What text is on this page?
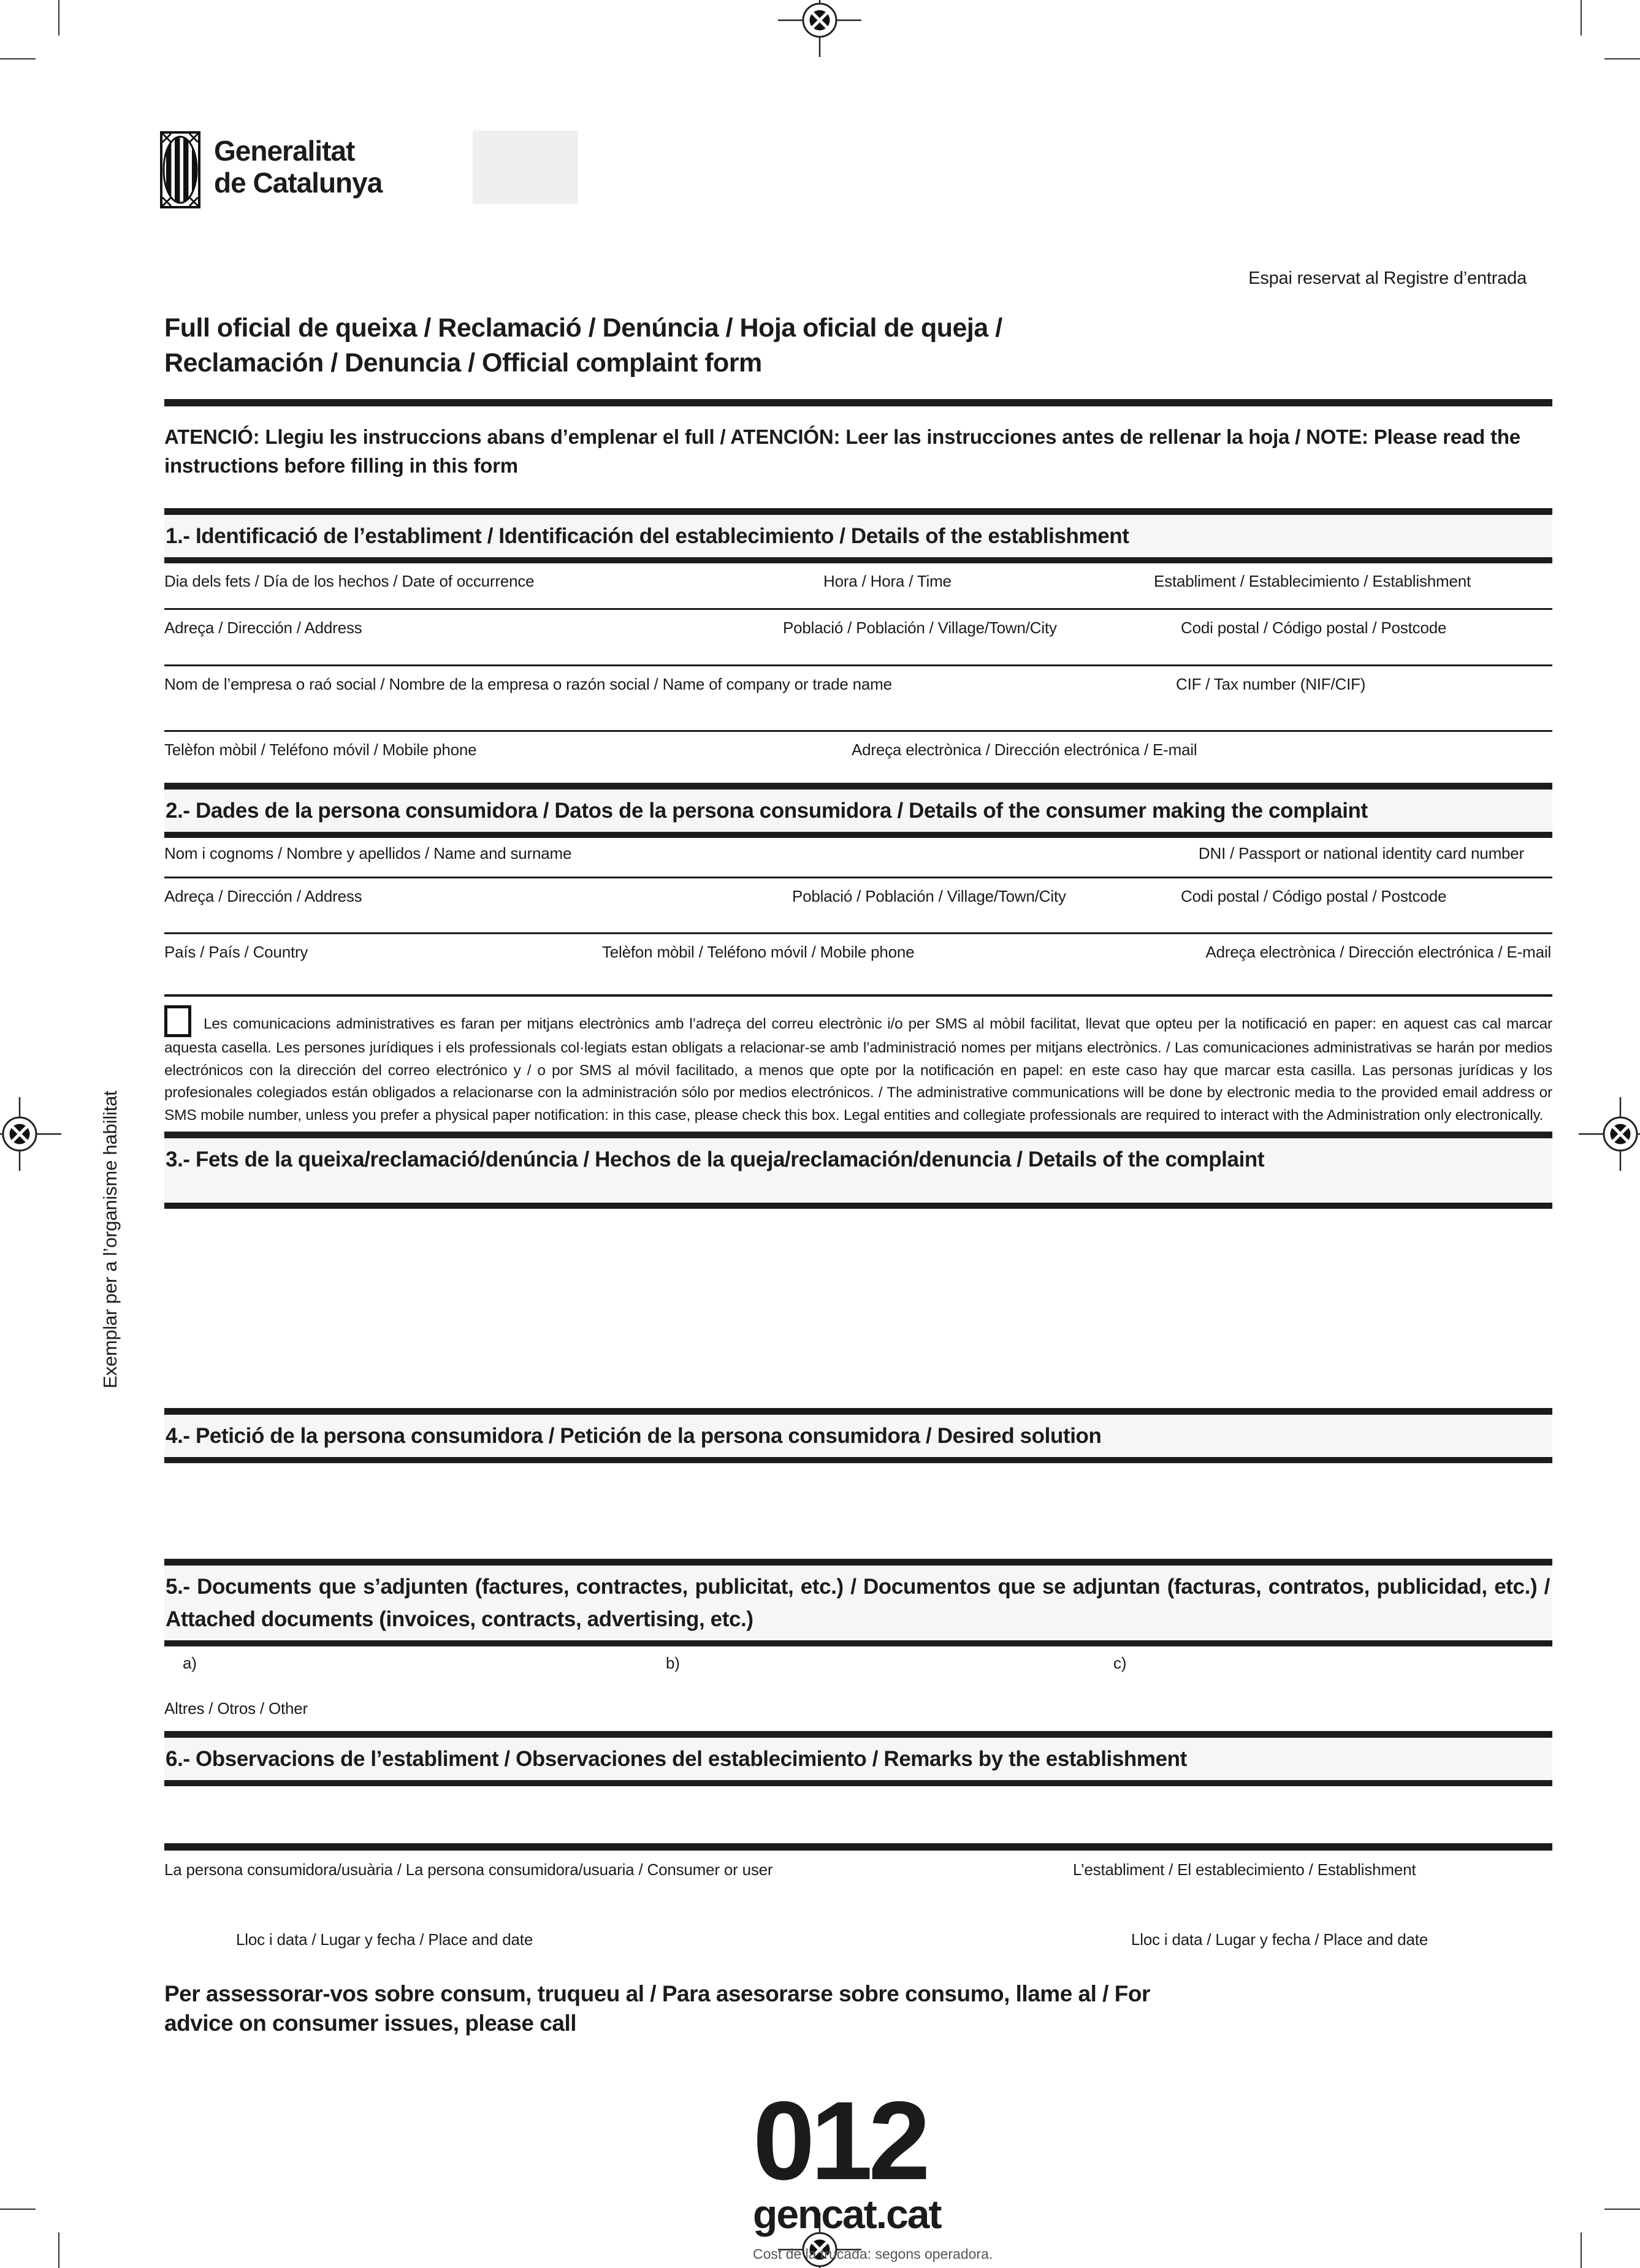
Generalitat
de Catalunya
Exemplar per a l’organisme habilitat
Espai reservat al Registre d’entrada
Full oficial de queixa / Reclamació / Denúncia / Hoja oficial de queja / Reclamación / Denuncia / Official complaint form
ATENCIÓ: Llegiu les instruccions abans d’emplenar el full / ATENCIÓN: Leer las instrucciones antes de rellenar la hoja / NOTE: Please read the instructions before filling in this form
1.- Identificació de l’establiment / Identificación del establecimiento / Details of the establishment
Dia dels fets / Día de los hechos / Date of occurrence	Hora / Hora / Time	Establiment / Establecimiento / Establishment
Adreça / Dirección / Address	Població / Población / Village/Town/City	Codi postal / Código postal / Postcode
Nom de l’empresa o raó social / Nombre de la empresa o razón social / Name of company or trade name	CIF / Tax number (NIF/CIF)
Telèfon mòbil / Teléfono móvil / Mobile phone	Adreça electrònica / Dirección electrónica / E-mail
2.- Dades de la persona consumidora / Datos de la persona consumidora / Details of the consumer making the complaint
Nom i cognoms / Nombre y apellidos / Name and surname	DNI / Passport or national identity card number
Adreça / Dirección / Address	Població / Población / Village/Town/City	Codi postal / Código postal / Postcode
País / País / Country	Telèfon mòbil / Teléfono móvil / Mobile phone	Adreça electrònica / Dirección electrónica / E-mail
Les comunicacions administratives es faran per mitjans electrònics amb l’adreça del correu electrònic i/o per SMS al mòbil facilitat, llevat que opteu per la notificació en paper: en aquest cas cal marcar aquesta casella. Les persones jurídiques i els professionals col·legiats estan obligats a relacionar-se amb l’administració nomes per mitjans electrònics. / Las comunicaciones administrativas se harán por medios electrónicos con la dirección del correo electrónico y / o por SMS al móvil facilitado, a menos que opte por la notificación en papel: en este caso hay que marcar esta casilla. Las personas jurídicas y los profesionales colegiados están obligados a relacionarse con la administración sólo por medios electrónicos. / The administrative communications will be done by electronic media to the provided email address or SMS mobile number, unless you prefer a physical paper notification: in this case, please check this box. Legal entities and collegiate professionals are required to interact with the Administration only electronically.
3.- Fets de la queixa/reclamació/denúncia / Hechos de la queja/reclamación/denuncia / Details of the complaint
4.- Petició de la persona consumidora / Petición de la persona consumidora / Desired solution
5.- Documents que s’adjunten (factures, contractes, publicitat, etc.) / Documentos que se adjuntan (facturas, contratos, publicidad, etc.) / Attached documents (invoices, contracts, advertising, etc.)
a)	b)	c)
Altres / Otros / Other
6.- Observacions de l’establiment / Observaciones del establecimiento / Remarks by the establishment
La persona consumidora/usuària / La persona consumidora/usuaria / Consumer or user	L’establiment / El establecimiento / Establishment
Lloc i data / Lugar y fecha / Place and date	Lloc i data / Lugar y fecha / Place and date
Per assessorar-vos sobre consum, truqueu al / Para asesorarse sobre consumo, llame al / For advice on consumer issues, please call
012
gencat.cat
Cost de la trucada: segons operadora.
